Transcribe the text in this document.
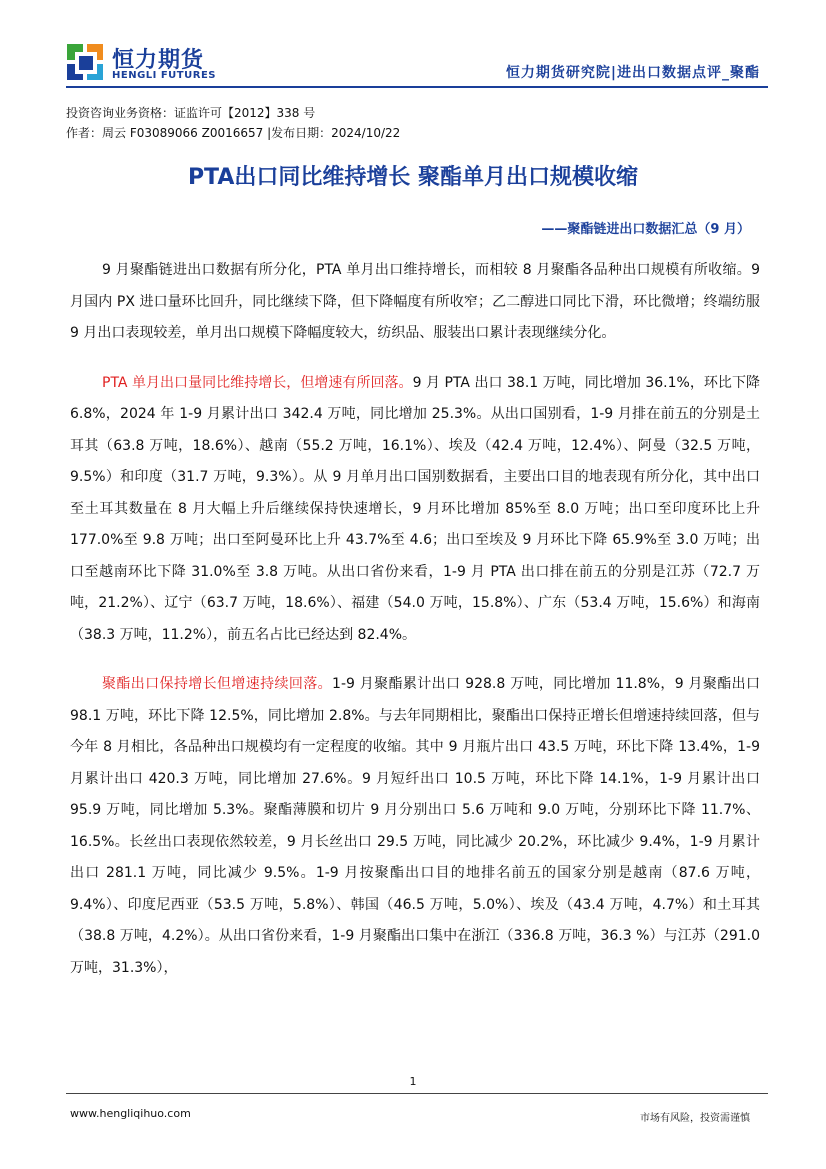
恒力期货
HENGLI FUTURES	恒力期货研究院|进出口数据点评_聚酯
投资咨询业务资格：证监许可【2012】338 号
作者：周云 F03089066 Z0016657 |发布日期：2024/10/22
PTA出口同比维持增长 聚酯单月出口规模收缩
——聚酯链进出口数据汇总（9 月）

9 月聚酯链进出口数据有所分化，PTA 单月出口维持增长，而相较 8 月聚酯各品种出口规模有所收缩。9 月国内 PX 进口量环比回升，同比继续下降，但下降幅度有所收窄；乙二醇进口同比下滑，环比微增；终端纺服 9 月出口表现较差，单月出口规模下降幅度较大，纺织品、服装出口累计表现继续分化。

PTA 单月出口量同比维持增长，但增速有所回落。9 月 PTA 出口 38.1 万吨，同比增加 36.1%，环比下降 6.8%，2024 年 1-9 月累计出口 342.4 万吨，同比增加 25.3%。从出口国别看，1-9 月排在前五的分别是土耳其（63.8 万吨，18.6%）、越南（55.2 万吨，16.1%）、埃及（42.4 万吨，12.4%）、阿曼（32.5 万吨，9.5%）和印度（31.7 万吨，9.3%）。从 9 月单月出口国别数据看，主要出口目的地表现有所分化，其中出口至土耳其数量在 8 月大幅上升后继续保持快速增长，9 月环比增加 85%至 8.0 万吨；出口至印度环比上升 177.0%至 9.8 万吨；出口至阿曼环比上升 43.7%至 4.6；出口至埃及 9 月环比下降 65.9%至 3.0 万吨；出口至越南环比下降 31.0%至 3.8 万吨。从出口省份来看，1-9 月 PTA 出口排在前五的分别是江苏（72.7 万吨，21.2%）、辽宁（63.7 万吨，18.6%）、福建（54.0 万吨，15.8%）、广东（53.4 万吨，15.6%）和海南（38.3 万吨，11.2%），前五名占比已经达到 82.4%。

聚酯出口保持增长但增速持续回落。1-9 月聚酯累计出口 928.8 万吨，同比增加 11.8%，9 月聚酯出口 98.1 万吨，环比下降 12.5%，同比增加 2.8%。与去年同期相比，聚酯出口保持正增长但增速持续回落，但与今年 8 月相比，各品种出口规模均有一定程度的收缩。其中 9 月瓶片出口 43.5 万吨，环比下降 13.4%，1-9 月累计出口 420.3 万吨，同比增加 27.6%。9 月短纤出口 10.5 万吨，环比下降 14.1%，1-9 月累计出口 95.9 万吨，同比增加 5.3%。聚酯薄膜和切片 9 月分别出口 5.6 万吨和 9.0 万吨，分别环比下降 11.7%、16.5%。长丝出口表现依然较差，9 月长丝出口 29.5 万吨，同比减少 20.2%，环比减少 9.4%，1-9 月累计出口 281.1 万吨，同比减少 9.5%。1-9 月按聚酯出口目的地排名前五的国家分别是越南（87.6 万吨，9.4%）、印度尼西亚（53.5 万吨，5.8%）、韩国（46.5 万吨，5.0%）、埃及（43.4 万吨，4.7%）和土耳其（38.8 万吨，4.2%）。从出口省份来看，1-9 月聚酯出口集中在浙江（336.8 万吨，36.3 %）与江苏（291.0 万吨，31.3%），

1
www.hengliqihuo.com	市场有风险，投资需谨慎
